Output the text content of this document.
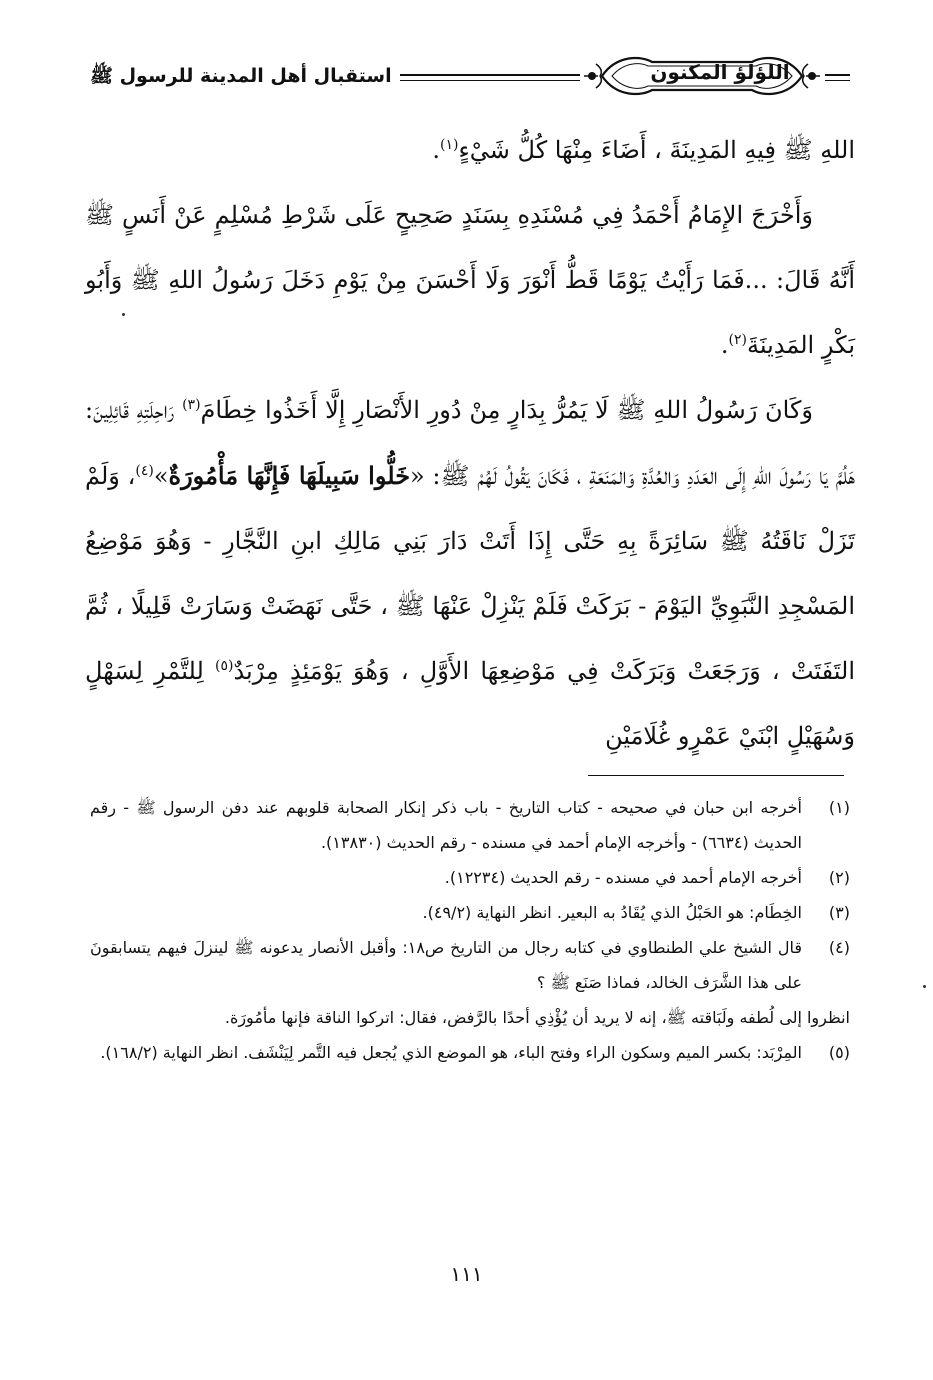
استقبال أهل المدينة للرسول ﷺ	اللؤلؤ المكنون

اللهِ ﷺ فِيهِ المَدِينَةَ ، أَضَاءَ مِنْهَا كُلُّ شَيْءٍ$^{(١)}$.

وَأَخْرَجَ الإِمَامُ أَحْمَدُ فِي مُسْنَدِهِ بِسَنَدٍ صَحِيحٍ عَلَى شَرْطِ مُسْلِمٍ عَنْ أَنَسٍ ﷺ أَنَّهُ قَالَ: ...فَمَا رَأَيْتُ يَوْمًا قَطُّ أَنْوَرَ وَلَا أَحْسَنَ مِنْ يَوْمِ دَخَلَ رَسُولُ اللهِ ﷺ وَأَبُو بَكْرٍ المَدِينَةَ$^{(٢)}$.

وَكَانَ رَسُولُ اللهِ ﷺ لَا يَمُرُّ بِدَارٍ مِنْ دُورِ الأَنْصَارِ إِلَّا أَخَذُوا خِطَامَ$^{(٣)}$ رَاحِلَتِهِ قَائِلِينَ: هَلُمَّ يَا رَسُولَ اللهِ إِلَى العَدَدِ وَالعُدَّةِ وَالمَنَعَةِ ، فَكَانَ يَقُولُ لَهُمْ ﷺ: «خَلُّوا سَبِيلَهَا فَإِنَّهَا مَأْمُورَةٌ»$^{(٤)}$، وَلَمْ تَزَلْ نَاقَتُهُ ﷺ سَائِرَةً بِهِ حَتَّى إِذَا أَتَتْ دَارَ بَنِي مَالِكِ ابنِ النَّجَّارِ - وَهُوَ مَوْضِعُ المَسْجِدِ النَّبَوِيِّ اليَوْمَ - بَرَكَتْ فَلَمْ يَنْزِلْ عَنْهَا ﷺ ، حَتَّى نَهَضَتْ وَسَارَتْ قَلِيلًا ، ثُمَّ التَفَتَتْ ، وَرَجَعَتْ وَبَرَكَتْ فِي مَوْضِعِهَا الأَوَّلِ ، وَهُوَ يَوْمَئِذٍ مِرْبَدٌ$^{(٥)}$ لِلتَّمْرِ لِسَهْلٍ وَسُهَيْلٍ ابْنَيْ عَمْرٍو غُلَامَيْنِ

(١)
أخرجه ابن حبان في صحيحه - كتاب التاريخ - باب ذكر إنكار الصحابة قلوبهم عند دفن الرسول ﷺ - رقم الحديث (٦٦٣٤) - وأخرجه الإمام أحمد في مسنده - رقم الحديث (١٣٨٣٠).
(٢)
أخرجه الإمام أحمد في مسنده - رقم الحديث (١٢٢٣٤).
(٣)
الخِطَام: هو الحَبْلُ الذي يُقَادُ به البعير. انظر النهاية (٤٩/٢).
(٤)
قال الشيخ علي الطنطاوي في كتابه رجال من التاريخ ص١٨: وأقبل الأنصار يدعونه ﷺ لينزلَ فيهم يتسابقونَ على هذا الشَّرَف الخالد، فماذا صَنَع ﷺ ؟
انظروا إلى لُطفه ولَبَاقته ﷺ، إنه لا يريد أن يُؤْذِي أحدًا بالرَّفض، فقال: اتركوا الناقة فإنها مأمُورَة.
(٥)
المِرْبَد: بكسر الميم وسكون الراء وفتح الباء، هو الموضع الذي يُجعل فيه التَّمر لِيَنْشَف. انظر النهاية (١٦٨/٢).
١١١
